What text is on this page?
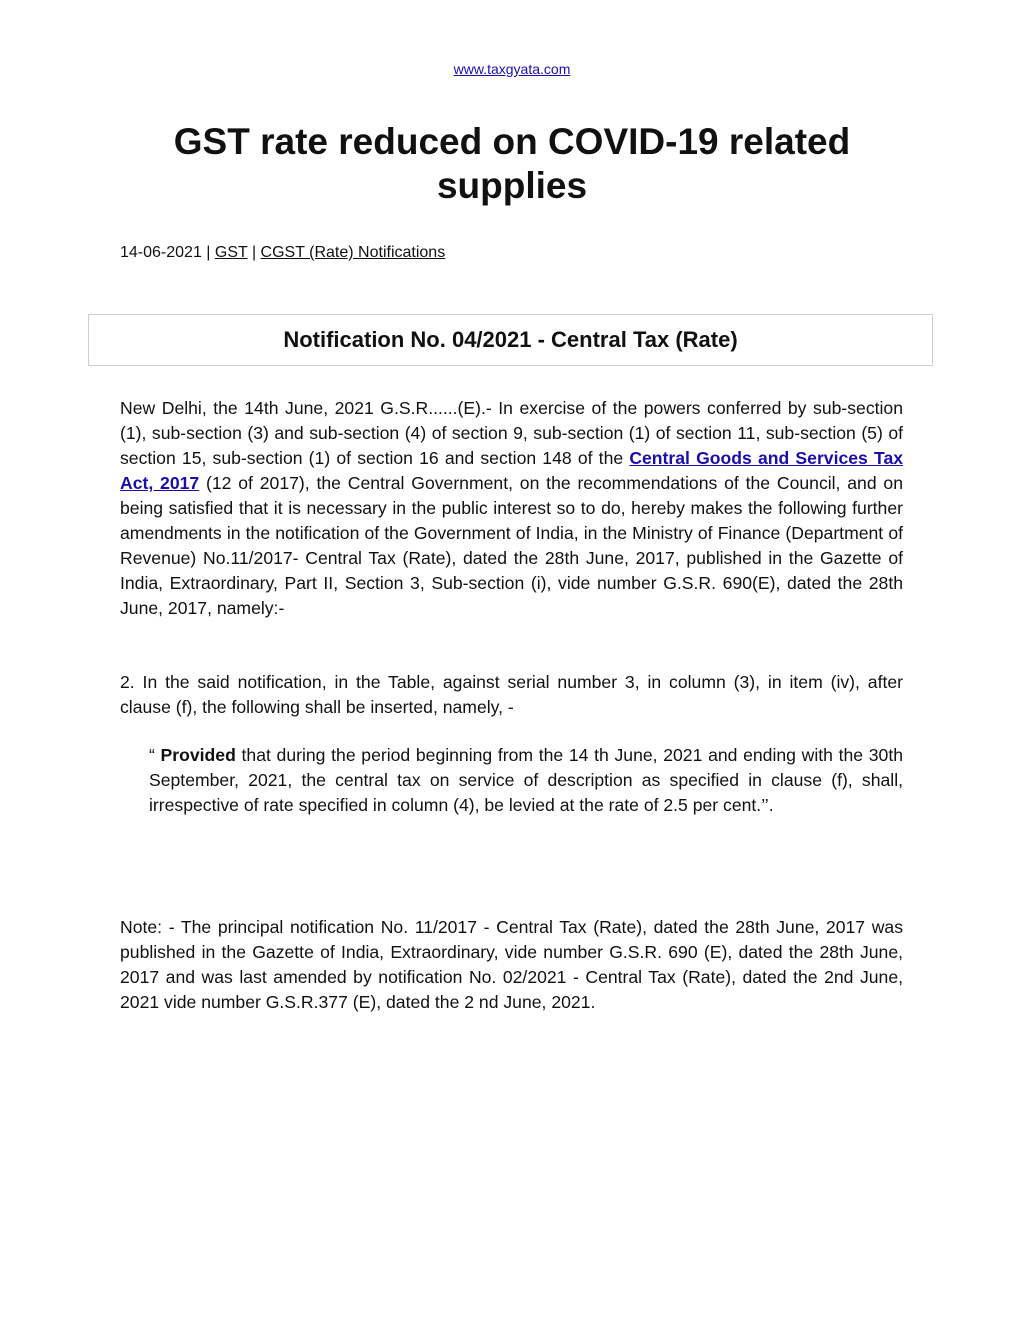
www.taxgyata.com
GST rate reduced on COVID-19 related supplies
14-06-2021 | GST | CGST (Rate) Notifications
Notification No. 04/2021 - Central Tax (Rate)

New Delhi, the 14th June, 2021 G.S.R......(E).- In exercise of the powers conferred by sub-section (1), sub-section (3) and sub-section (4) of section 9, sub-section (1) of section 11, sub-section (5) of section 15, sub-section (1) of section 16 and section 148 of the Central Goods and Services Tax Act, 2017 (12 of 2017), the Central Government, on the recommendations of the Council, and on being satisfied that it is necessary in the public interest so to do, hereby makes the following further amendments in the notification of the Government of India, in the Ministry of Finance (Department of Revenue) No.11/2017- Central Tax (Rate), dated the 28th June, 2017, published in the Gazette of India, Extraordinary, Part II, Section 3, Sub-section (i), vide number G.S.R. 690(E), dated the 28th June, 2017, namely:-

2. In the said notification, in the Table, against serial number 3, in column (3), in item (iv), after clause (f), the following shall be inserted, namely, -

“ Provided that during the period beginning from the 14 th June, 2021 and ending with the 30th September, 2021, the central tax on service of description as specified in clause (f), shall, irrespective of rate specified in column (4), be levied at the rate of 2.5 per cent.’’.

Note: - The principal notification No. 11/2017 - Central Tax (Rate), dated the 28th June, 2017 was published in the Gazette of India, Extraordinary, vide number G.S.R. 690 (E), dated the 28th June, 2017 and was last amended by notification No. 02/2021 - Central Tax (Rate), dated the 2nd June, 2021 vide number G.S.R.377 (E), dated the 2 nd June, 2021.
